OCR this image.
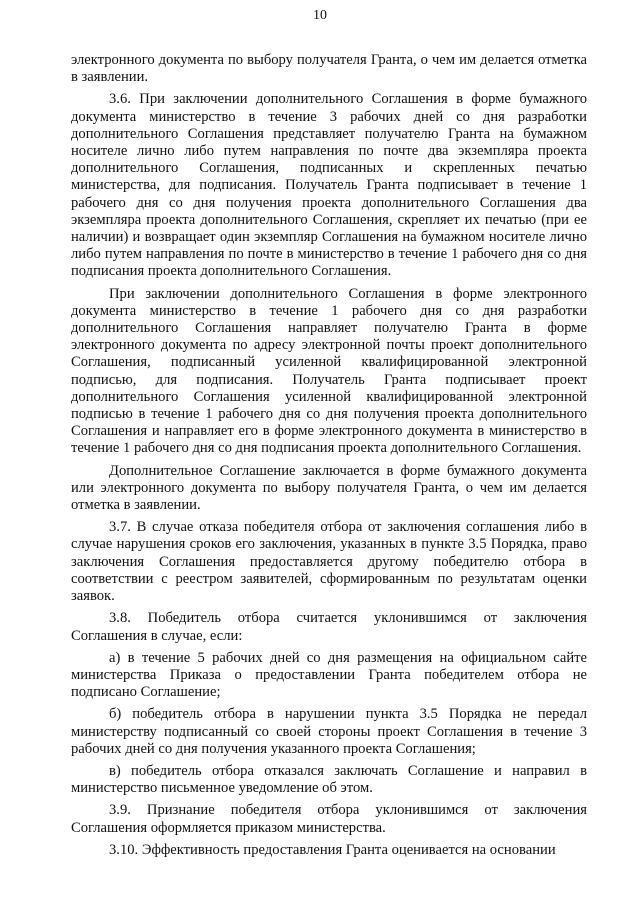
10

электронного документа по выбору получателя Гранта, о чем им делается отметка в заявлении.

3.6. При заключении дополнительного Соглашения в форме бумажного документа министерство в течение 3 рабочих дней со дня разработки дополнительного Соглашения представляет получателю Гранта на бумажном носителе лично либо путем направления по почте два экземпляра проекта дополнительного Соглашения, подписанных и скрепленных печатью министерства, для подписания. Получатель Гранта подписывает в течение 1 рабочего дня со дня получения проекта дополнительного Соглашения два экземпляра проекта дополнительного Соглашения, скрепляет их печатью (при ее наличии) и возвращает один экземпляр Соглашения на бумажном носителе лично либо путем направления по почте в министерство в течение 1 рабочего дня со дня подписания проекта дополнительного Соглашения.

При заключении дополнительного Соглашения в форме электронного документа министерство в течение 1 рабочего дня со дня разработки дополнительного Соглашения направляет получателю Гранта в форме электронного документа по адресу электронной почты проект дополнительного Соглашения, подписанный усиленной квалифицированной электронной подписью, для подписания. Получатель Гранта подписывает проект дополнительного Соглашения усиленной квалифицированной электронной подписью в течение 1 рабочего дня со дня получения проекта дополнительного Соглашения и направляет его в форме электронного документа в министерство в течение 1 рабочего дня со дня подписания проекта дополнительного Соглашения.

Дополнительное Соглашение заключается в форме бумажного документа или электронного документа по выбору получателя Гранта, о чем им делается отметка в заявлении.

3.7. В случае отказа победителя отбора от заключения соглашения либо в случае нарушения сроков его заключения, указанных в пункте 3.5 Порядка, право заключения Соглашения предоставляется другому победителю отбора в соответствии с реестром заявителей, сформированным по результатам оценки заявок.

3.8. Победитель отбора считается уклонившимся от заключения Соглашения в случае, если:

а) в течение 5 рабочих дней со дня размещения на официальном сайте министерства Приказа о предоставлении Гранта победителем отбора не подписано Соглашение;

б) победитель отбора в нарушении пункта 3.5 Порядка не передал министерству подписанный со своей стороны проект Соглашения в течение 3 рабочих дней со дня получения указанного проекта Соглашения;

в) победитель отбора отказался заключать Соглашение и направил в министерство письменное уведомление об этом.

3.9. Признание победителя отбора уклонившимся от заключения Соглашения оформляется приказом министерства.

3.10. Эффективность предоставления Гранта оценивается на основании
